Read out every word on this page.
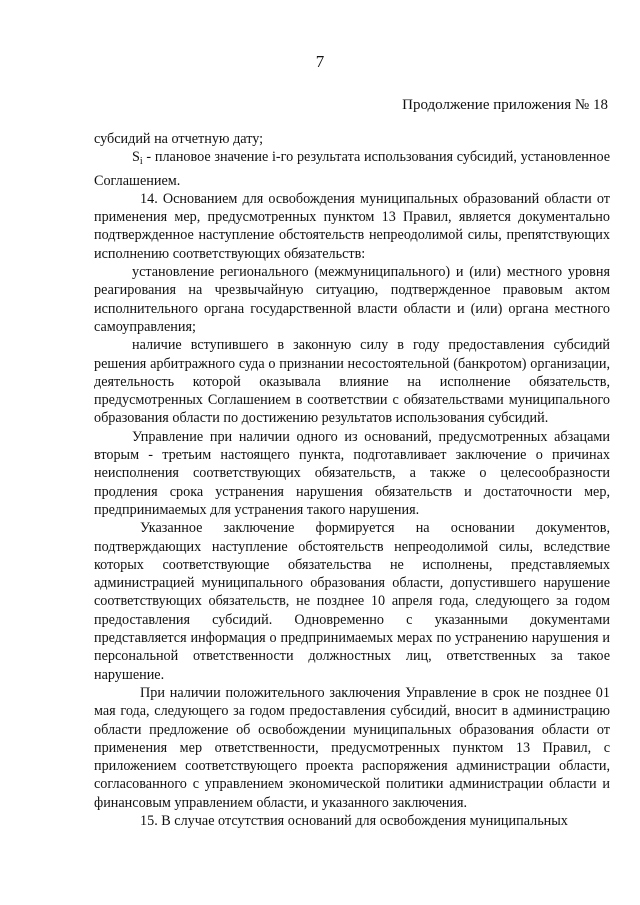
7
Продолжение приложения № 18

субсидий на отчетную дату;

$S_i$ - плановое значение i-го результата использования субсидий, установленное Соглашением.

14. Основанием для освобождения муниципальных образований области от применения мер, предусмотренных пунктом 13 Правил, является документально подтвержденное наступление обстоятельств непреодолимой силы, препятствующих исполнению соответствующих обязательств:

установление регионального (межмуниципального) и (или) местного уровня реагирования на чрезвычайную ситуацию, подтвержденное правовым актом исполнительного органа государственной власти области и (или) органа местного самоуправления;

наличие вступившего в законную силу в году предоставления субсидий решения арбитражного суда о признании несостоятельной (банкротом) организации, деятельность которой оказывала влияние на исполнение обязательств, предусмотренных Соглашением в соответствии с обязательствами муниципального образования области по достижению результатов использования субсидий.

Управление при наличии одного из оснований, предусмотренных абзацами вторым - третьим настоящего пункта, подготавливает заключение о причинах неисполнения соответствующих обязательств, а также о целесообразности продления срока устранения нарушения обязательств и достаточности мер, предпринимаемых для устранения такого нарушения.

Указанное заключение формируется на основании документов, подтверждающих наступление обстоятельств непреодолимой силы, вследствие которых соответствующие обязательства не исполнены, представляемых администрацией муниципального образования области, допустившего нарушение соответствующих обязательств, не позднее 10 апреля года, следующего за годом предоставления субсидий. Одновременно с указанными документами представляется информация о предпринимаемых мерах по устранению нарушения и персональной ответственности должностных лиц, ответственных за такое нарушение.

При наличии положительного заключения Управление в срок не позднее 01 мая года, следующего за годом предоставления субсидий, вносит в администрацию области предложение об освобождении муниципальных образования области от применения мер ответственности, предусмотренных пунктом 13 Правил, с приложением соответствующего проекта распоряжения администрации области, согласованного с управлением экономической политики администрации области и финансовым управлением области, и указанного заключения.

15. В случае отсутствия оснований для освобождения муниципальных
